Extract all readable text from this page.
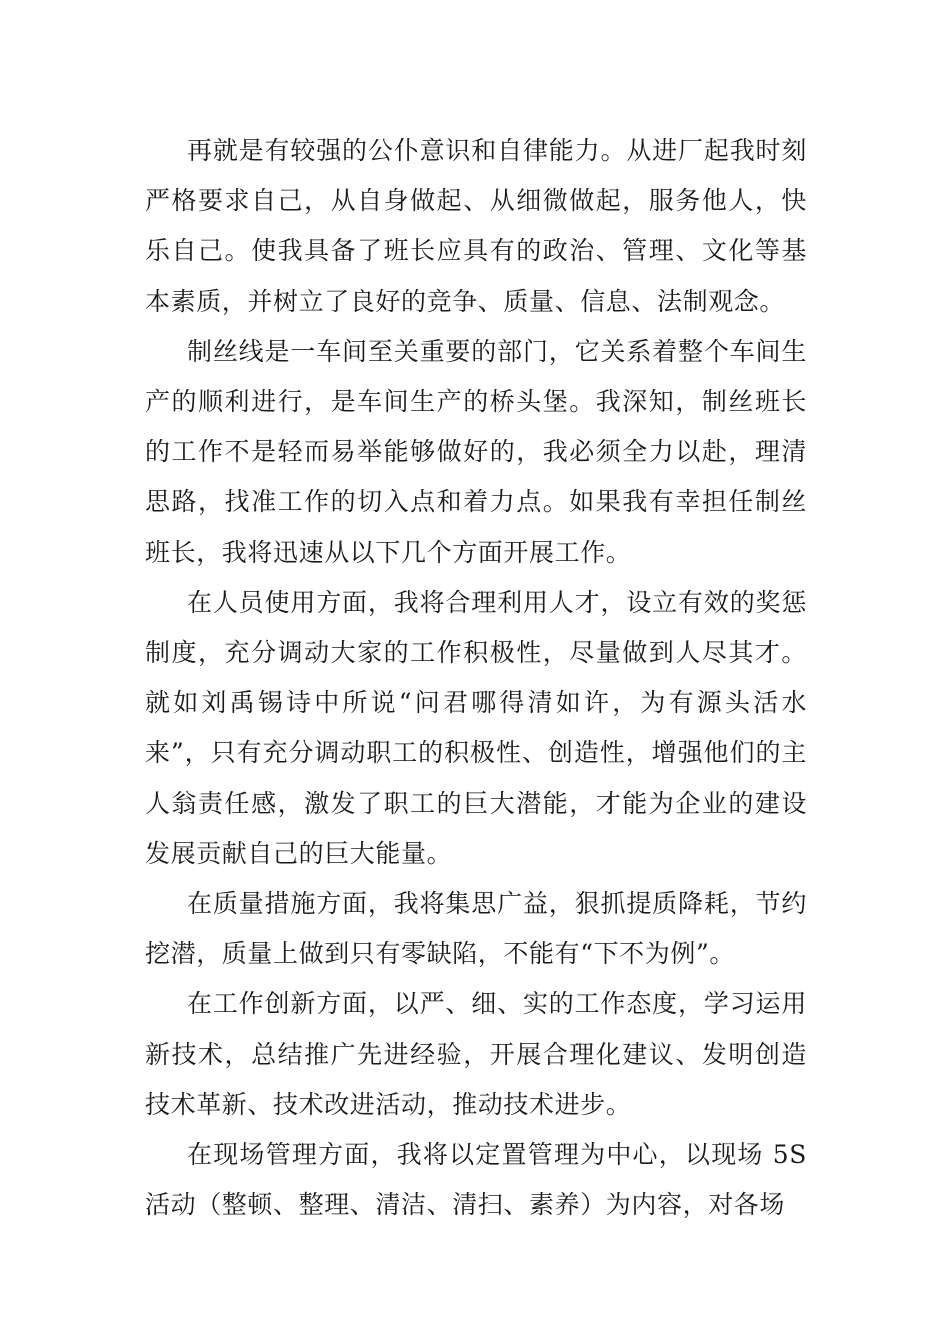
再就是有较强的公仆意识和自律能力。从进厂起我时刻严格要求自己，从自身做起、从细微做起，服务他人，快乐自己。使我具备了班长应具有的政治、管理、文化等基本素质，并树立了良好的竞争、质量、信息、法制观念。

制丝线是一车间至关重要的部门，它关系着整个车间生产的顺利进行，是车间生产的桥头堡。我深知，制丝班长的工作不是轻而易举能够做好的，我必须全力以赴，理清思路，找准工作的切入点和着力点。如果我有幸担任制丝班长，我将迅速从以下几个方面开展工作。

在人员使用方面，我将合理利用人才，设立有效的奖惩制度，充分调动大家的工作积极性，尽量做到人尽其才。就如刘禹锡诗中所说“问君哪得清如许，为有源头活水来”，只有充分调动职工的积极性、创造性，增强他们的主人翁责任感，激发了职工的巨大潜能，才能为企业的建设发展贡献自己的巨大能量。

在质量措施方面，我将集思广益，狠抓提质降耗，节约挖潜，质量上做到只有零缺陷，不能有“下不为例”。

在工作创新方面，以严、细、实的工作态度，学习运用新技术，总结推广先进经验，开展合理化建议、发明创造技术革新、技术改进活动，推动技术进步。

在现场管理方面，我将以定置管理为中心，以现场 5S 活动（整顿、整理、清洁、清扫、素养）为内容，对各场
